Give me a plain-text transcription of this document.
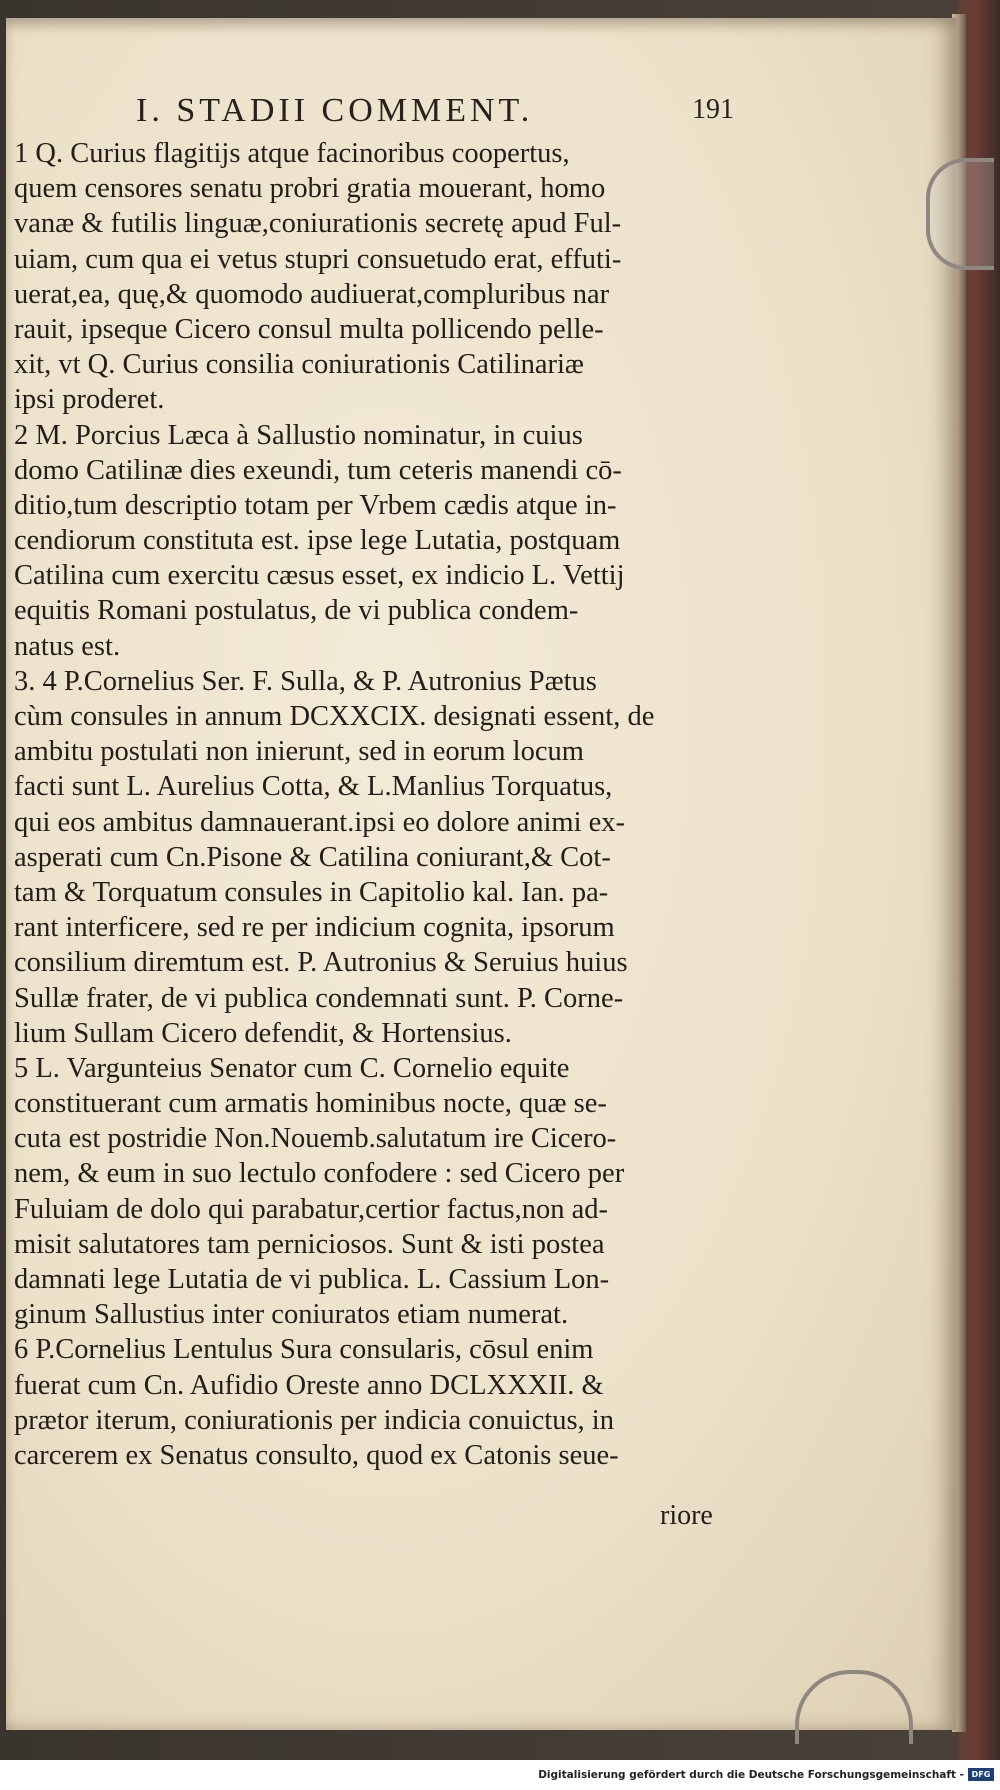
I. STADII COMMENT.	191
1 Q. Curius flagitijs atque facinoribus coopertus,
quem censores senatu probri gratia mouerant, homo
vanæ & futilis linguæ,coniurationis secretę apud Ful-
uiam, cum qua ei vetus stupri consuetudo erat, effuti-
uerat,ea, quę,& quomodo audiuerat,compluribus nar
rauit, ipseque Cicero consul multa pollicendo pelle-
xit, vt Q. Curius consilia coniurationis Catilinariæ
ipsi proderet.
2 M. Porcius Læca à Sallustio nominatur, in cuius
domo Catilinæ dies exeundi, tum ceteris manendi cō-
ditio,tum descriptio totam per Vrbem cædis atque in-
cendiorum constituta est. ipse lege Lutatia, postquam
Catilina cum exercitu cæsus esset, ex indicio L. Vettij
equitis Romani postulatus, de vi publica condem-
natus est.
3. 4 P.Cornelius Ser. F. Sulla, & P. Autronius Pætus
cùm consules in annum DCXXCIX. designati essent, de
ambitu postulati non inierunt, sed in eorum locum
facti sunt L. Aurelius Cotta, & L.Manlius Torquatus,
qui eos ambitus damnauerant.ipsi eo dolore animi ex-
asperati cum Cn.Pisone & Catilina coniurant,& Cot-
tam & Torquatum consules in Capitolio kal. Ian. pa-
rant interficere, sed re per indicium cognita, ipsorum
consilium diremtum est. P. Autronius & Seruius huius
Sullæ frater, de vi publica condemnati sunt. P. Corne-
lium Sullam Cicero defendit, & Hortensius.
5 L. Vargunteius Senator cum C. Cornelio equite
constituerant cum armatis hominibus nocte, quæ se-
cuta est postridie Non.Nouemb.salutatum ire Cicero-
nem, & eum in suo lectulo confodere : sed Cicero per
Fuluiam de dolo qui parabatur,certior factus,non ad-
misit salutatores tam perniciosos. Sunt & isti postea
damnati lege Lutatia de vi publica. L. Cassium Lon-
ginum Sallustius inter coniuratos etiam numerat.
6 P.Cornelius Lentulus Sura consularis, cōsul enim
fuerat cum Cn. Aufidio Oreste anno DCLXXXII. &
prætor iterum, coniurationis per indicia conuictus, in
carcerem ex Senatus consulto, quod ex Catonis seue-
riore
Digitalisierung gefördert durch die Deutsche Forschungsgemeinschaft - DFG
